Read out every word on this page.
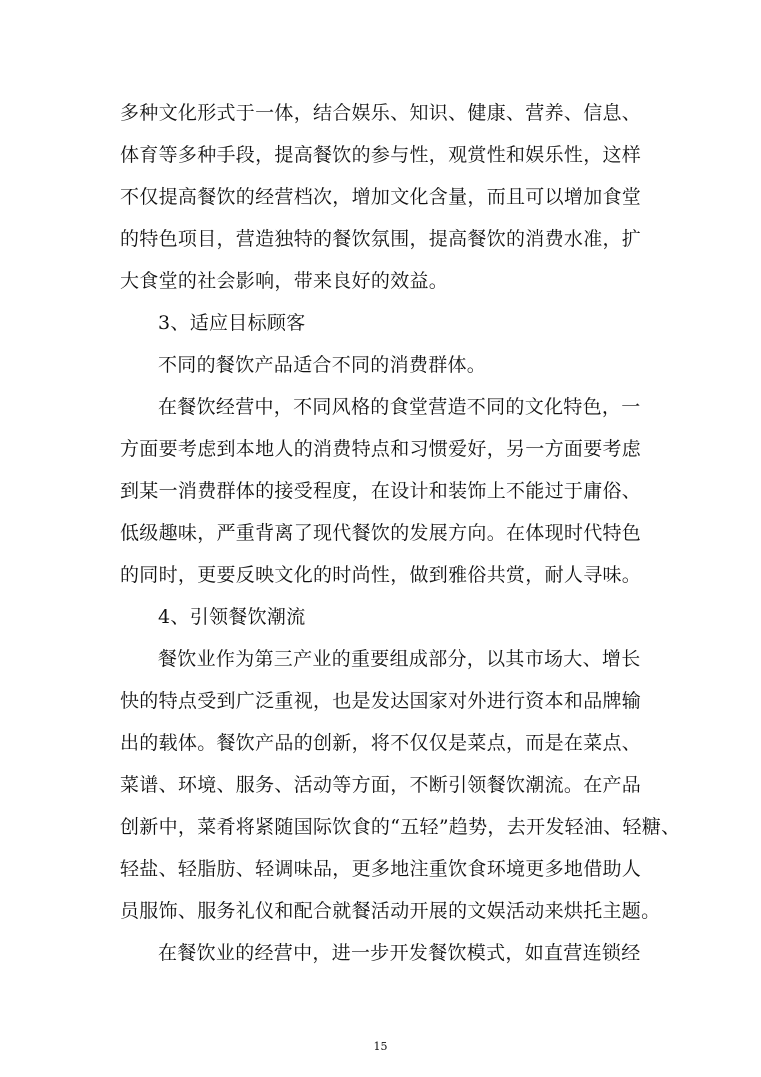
多种文化形式于一体，结合娱乐、知识、健康、营养、信息、
体育等多种手段，提高餐饮的参与性，观赏性和娱乐性，这样
不仅提高餐饮的经营档次，增加文化含量，而且可以增加食堂
的特色项目，营造独特的餐饮氛围，提高餐饮的消费水准，扩
大食堂的社会影响，带来良好的效益。
3、适应目标顾客
不同的餐饮产品适合不同的消费群体。
在餐饮经营中，不同风格的食堂营造不同的文化特色，一
方面要考虑到本地人的消费特点和习惯爱好，另一方面要考虑
到某一消费群体的接受程度，在设计和装饰上不能过于庸俗、
低级趣味，严重背离了现代餐饮的发展方向。在体现时代特色
的同时，更要反映文化的时尚性，做到雅俗共赏，耐人寻味。
4、引领餐饮潮流
餐饮业作为第三产业的重要组成部分，以其市场大、增长
快的特点受到广泛重视，也是发达国家对外进行资本和品牌输
出的载体。餐饮产品的创新，将不仅仅是菜点，而是在菜点、
菜谱、环境、服务、活动等方面，不断引领餐饮潮流。在产品
创新中，菜肴将紧随国际饮食的“五轻”趋势，去开发轻油、轻糖、
轻盐、轻脂肪、轻调味品，更多地注重饮食环境更多地借助人
员服饰、服务礼仪和配合就餐活动开展的文娱活动来烘托主题。
在餐饮业的经营中，进一步开发餐饮模式，如直营连锁经
15
